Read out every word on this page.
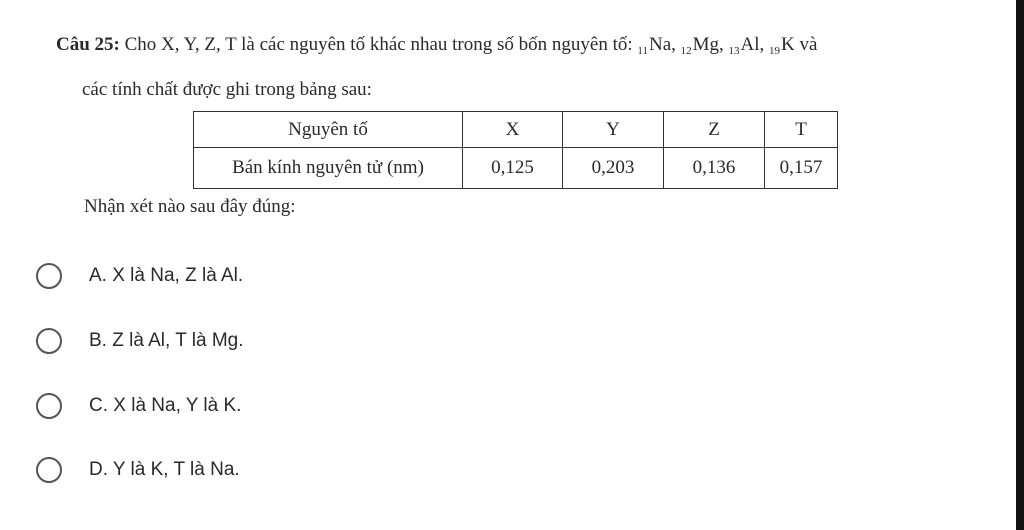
Câu 25: Cho X, Y, Z, T là các nguyên tố khác nhau trong số bốn nguyên tố: $_{11}$Na, $_{12}$Mg, $_{13}$Al, $_{19}$K và
các tính chất được ghi trong bảng sau:
Nguyên tố	X	Y	Z	T
Bán kính nguyên tử (nm)	0,125	0,203	0,136	0,157
Nhận xét nào sau đây đúng:
A. X là Na, Z là Al.
B. Z là Al, T là Mg.
C. X là Na, Y là K.
D. Y là K, T là Na.
